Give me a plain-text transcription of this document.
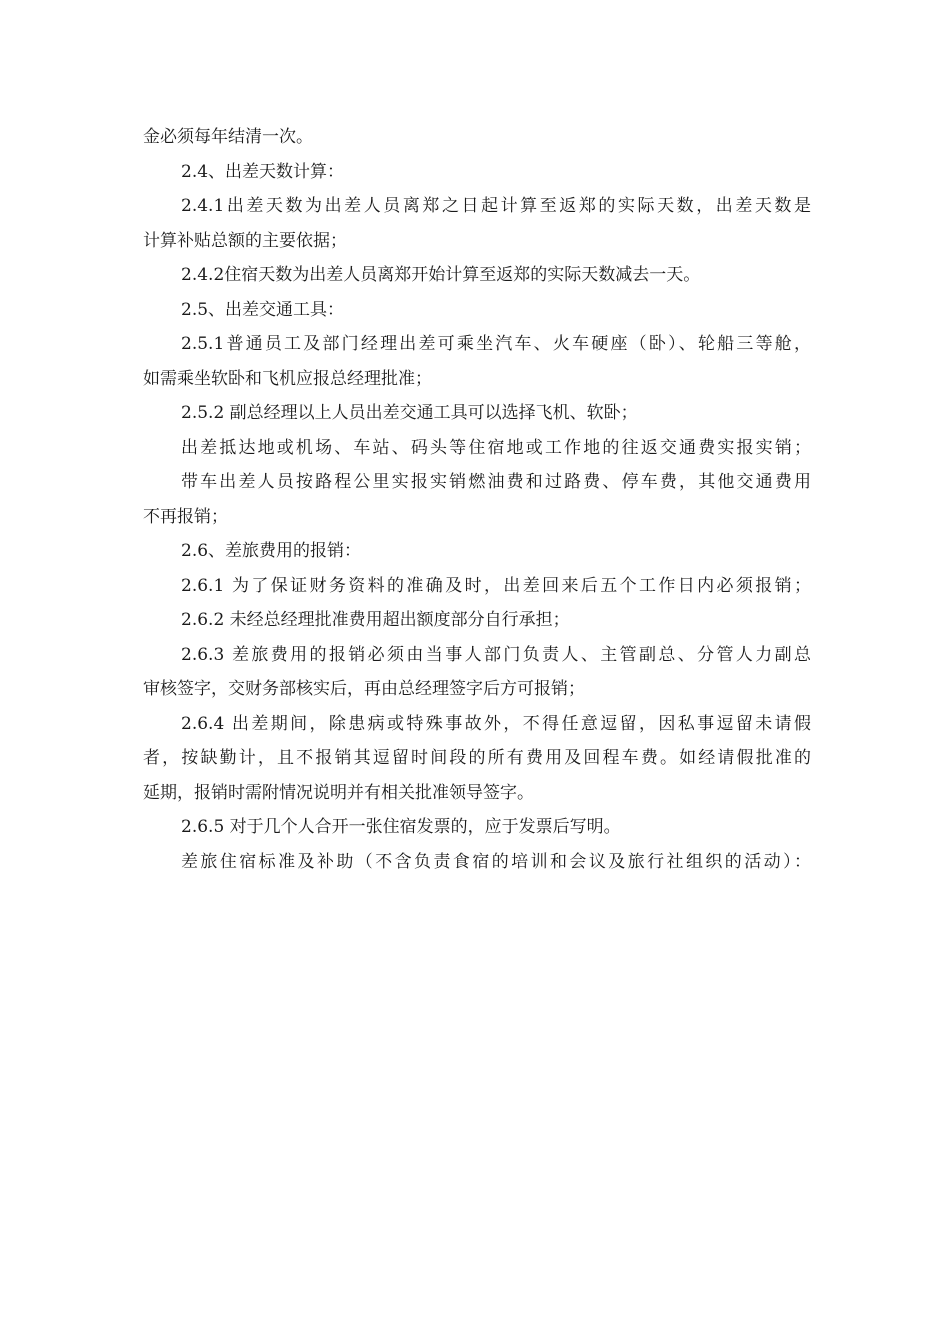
金必须每年结清一次。
2.4、出差天数计算：
2.4.1出差天数为出差人员离郑之日起计算至返郑的实际天数，出差天数是
计算补贴总额的主要依据；
2.4.2住宿天数为出差人员离郑开始计算至返郑的实际天数减去一天。
2.5、出差交通工具：
2.5.1普通员工及部门经理出差可乘坐汽车、火车硬座（卧）、轮船三等舱，
如需乘坐软卧和飞机应报总经理批准；
2.5.2 副总经理以上人员出差交通工具可以选择飞机、软卧；
出差抵达地或机场、车站、码头等住宿地或工作地的往返交通费实报实销；
带车出差人员按路程公里实报实销燃油费和过路费、停车费，其他交通费用
不再报销；
2.6、差旅费用的报销：
2.6.1 为了保证财务资料的准确及时，出差回来后五个工作日内必须报销；
2.6.2 未经总经理批准费用超出额度部分自行承担；
2.6.3 差旅费用的报销必须由当事人部门负责人、主管副总、分管人力副总
审核签字，交财务部核实后，再由总经理签字后方可报销；
2.6.4 出差期间，除患病或特殊事故外，不得任意逗留，因私事逗留未请假
者，按缺勤计，且不报销其逗留时间段的所有费用及回程车费。如经请假批准的
延期，报销时需附情况说明并有相关批准领导签字。
2.6.5 对于几个人合开一张住宿发票的，应于发票后写明。
差旅住宿标准及补助（不含负责食宿的培训和会议及旅行社组织的活动）：
